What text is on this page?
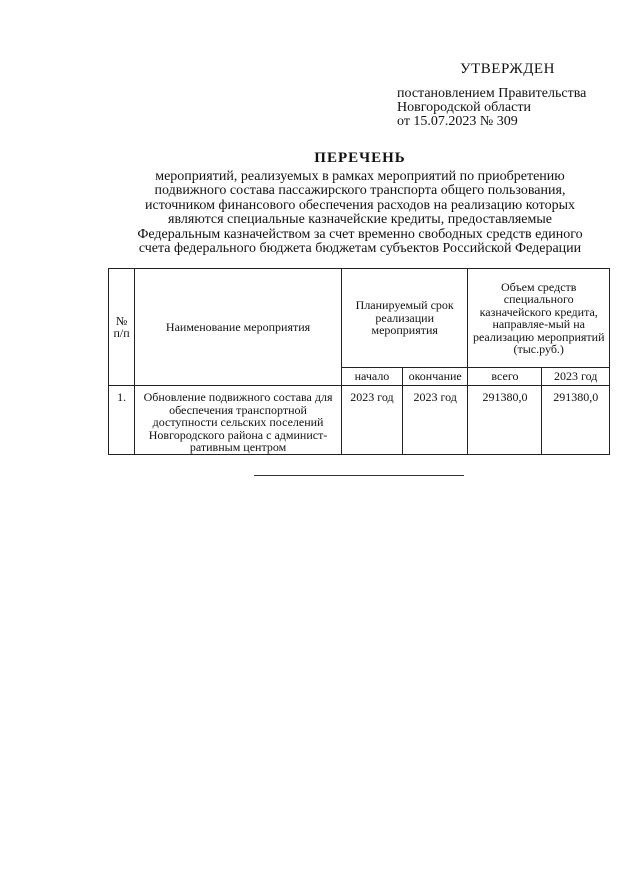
УТВЕРЖДЕН
постановлением Правительства
Новгородской области
от 15.07.2023 № 309
ПЕРЕЧЕНЬ
мероприятий, реализуемых в рамках мероприятий по приобретению
подвижного состава пассажирского транспорта общего пользования,
источником финансового обеспечения расходов на реализацию которых
являются специальные казначейские кредиты, предоставляемые
Федеральным казначейством за счет временно свободных средств единого
счета федерального бюджета бюджетам субъектов Российской Федерации
№ п/п	Наименование мероприятия	Планируемый срок реализации мероприятия		Объем средств специального казначейского кредита, направляе-мый на реализацию мероприятий (тыс.руб.)	
		начало	окончание	всего	2023 год
1.	Обновление подвижного состава для обеспечения транспортной доступности сельских поселений Новгородского района с админист-ративным центром	2023 год	2023 год	291380,0	291380,0
